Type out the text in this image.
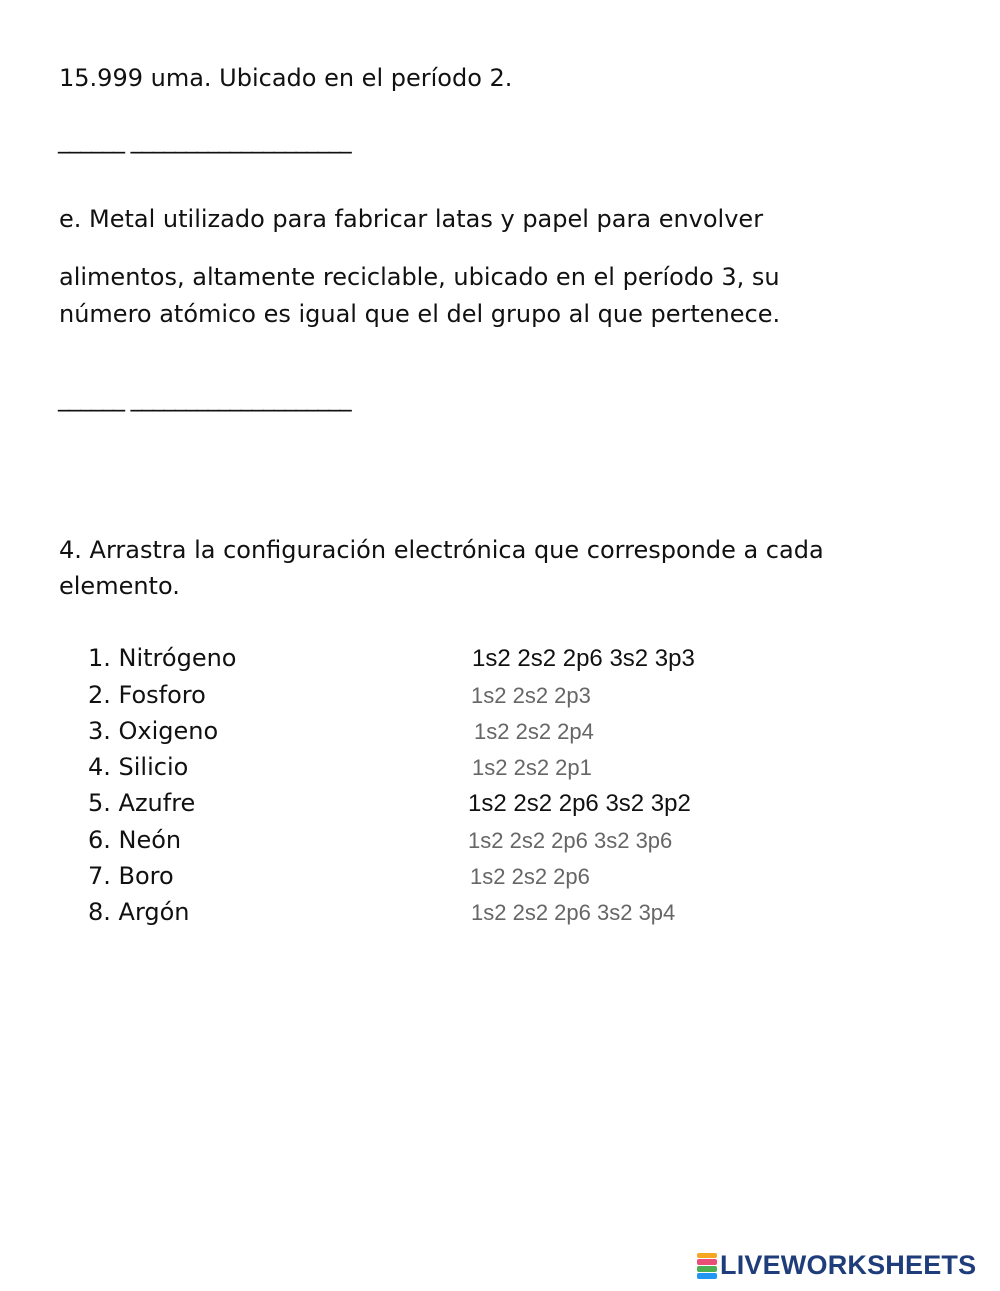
15.999 uma. Ubicado en el período 2.
______ ____________________
e. Metal utilizado para fabricar latas y papel para envolver
alimentos, altamente reciclable, ubicado en el período 3, su
número atómico es igual que el del grupo al que pertenece.
______ ____________________
4. Arrastra la configuración electrónica que corresponde a cada
elemento.
1. Nitrógeno
2. Fosforo
3. Oxigeno
4. Silicio
5. Azufre
6. Neón
7. Boro
8. Argón
1s2 2s2 2p6 3s2 3p3
1s2 2s2 2p3
1s2 2s2 2p4
1s2 2s2 2p1
1s2 2s2 2p6 3s2 3p2
1s2 2s2 2p6 3s2 3p6
1s2 2s2 2p6
1s2 2s2 2p6 3s2 3p4
LIVEWORKSHEETS
